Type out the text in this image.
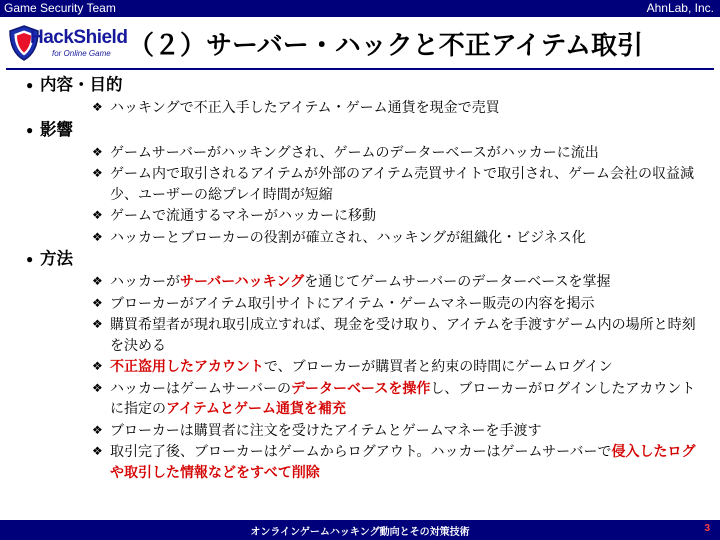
Game Security Team	AhnLab, Inc.
HackShield
for Online Game （２）サーバー・ハックと不正アイテム取引
● 内容・目的
❖ ハッキングで不正入手したアイテム・ゲーム通貨を現金で売買
● 影響
❖ ゲームサーバーがハッキングされ、ゲームのデーターベースがハッカーに流出
❖ ゲーム内で取引されるアイテムが外部のアイテム売買サイトで取引され、ゲーム会社の収益減少、ユーザーの総プレイ時間が短縮
❖ ゲームで流通するマネーがハッカーに移動
❖ ハッカーとブローカーの役割が確立され、ハッキングが組織化・ビジネス化
● 方法
❖ ハッカーがサーバーハッキングを通じてゲームサーバーのデーターベースを掌握
❖ ブローカーがアイテム取引サイトにアイテム・ゲームマネー販売の内容を掲示
❖ 購買希望者が現れ取引成立すれば、現金を受け取り、アイテムを手渡すゲーム内の場所と時刻を決める
❖ 不正盗用したアカウントで、ブローカーが購買者と約束の時間にゲームログイン
❖ ハッカーはゲームサーバーのデーターベースを操作し、ブローカーがログインしたアカウントに指定のアイテムとゲーム通貨を補充
❖ ブローカーは購買者に注文を受けたアイテムとゲームマネーを手渡す
❖ 取引完了後、ブローカーはゲームからログアウト。ハッカーはゲームサーバーで侵入したログや取引した情報などをすべて削除
オンラインゲームハッキング動向とその対策技術	3
